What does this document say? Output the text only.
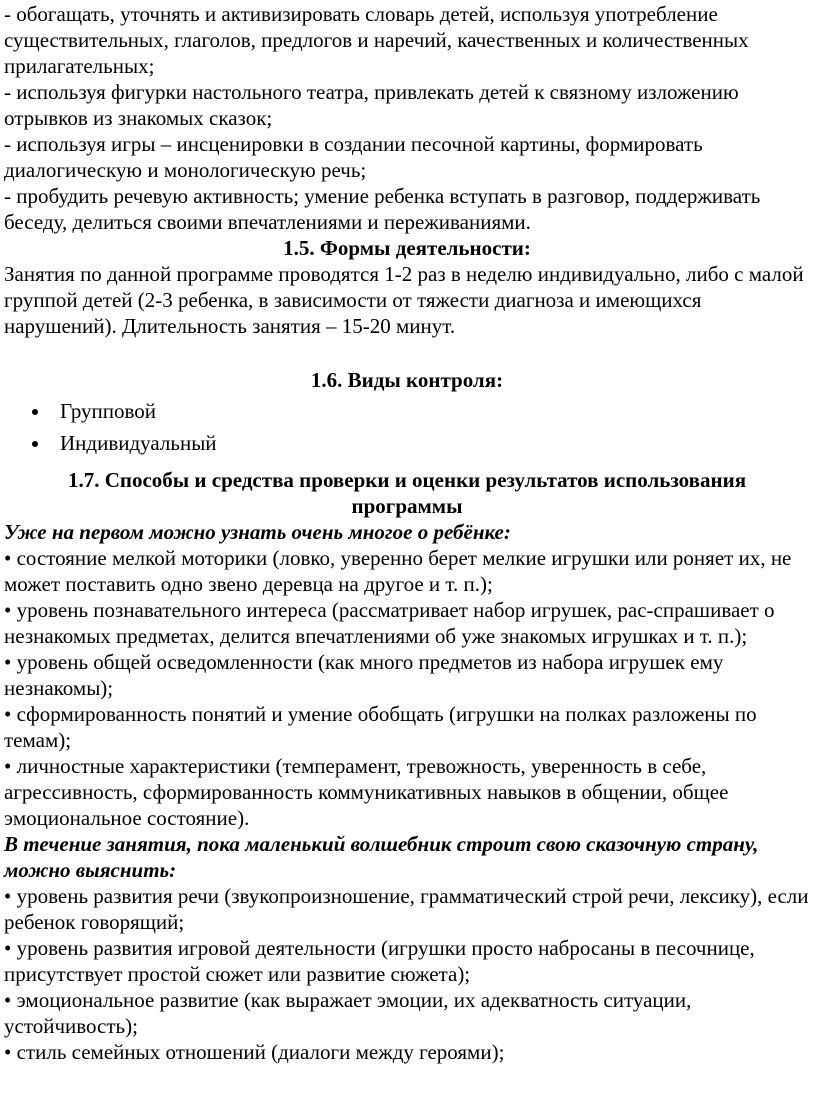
- обогащать, уточнять и активизировать словарь детей, используя употребление существительных, глаголов, предлогов и наречий, качественных и количественных прилагательных;

- используя фигурки настольного театра, привлекать детей к связному изложению отрывков из знакомых сказок;

- используя игры – инсценировки в создании песочной картины, формировать диалогическую и монологическую речь;

- пробудить речевую активность; умение ребенка вступать в разговор, поддерживать беседу, делиться своими впечатлениями и переживаниями.

1.5. Формы деятельности:

Занятия по данной программе проводятся 1-2 раз в неделю индивидуально, либо с малой группой детей (2-3 ребенка, в зависимости от тяжести диагноза и имеющихся нарушений). Длительность занятия – 15-20 минут.

1.6. Виды контроля:

Групповой
Индивидуальный

1.7. Способы и средства проверки и оценки результатов использования программы

Уже на первом можно узнать очень многое о ребёнке:

• состояние мелкой моторики (ловко, уверенно берет мелкие игрушки или роняет их, не может поставить одно звено деревца на другое и т. п.);

• уровень познавательного интереса (рассматривает набор игрушек, рас-спрашивает о незнакомых предметах, делится впечатлениями об уже знакомых игрушках и т. п.);

• уровень общей осведомленности (как много предметов из набора игрушек ему незнакомы);

• сформированность понятий и умение обобщать (игрушки на полках разложены по темам);

• личностные характеристики (темперамент, тревожность, уверенность в себе, агрессивность, сформированность коммуникативных навыков в общении, общее эмоциональное состояние).

В течение занятия, пока маленький волшебник строит свою сказочную страну, можно выяснить:

• уровень развития речи (звукопроизношение, грамматический строй речи, лексику), если ребенок говорящий;

• уровень развития игровой деятельности (игрушки просто набросаны в песочнице, присутствует простой сюжет или развитие сюжета);

• эмоциональное развитие (как выражает эмоции, их адекватность ситуации, устойчивость);

• стиль семейных отношений (диалоги между героями);
